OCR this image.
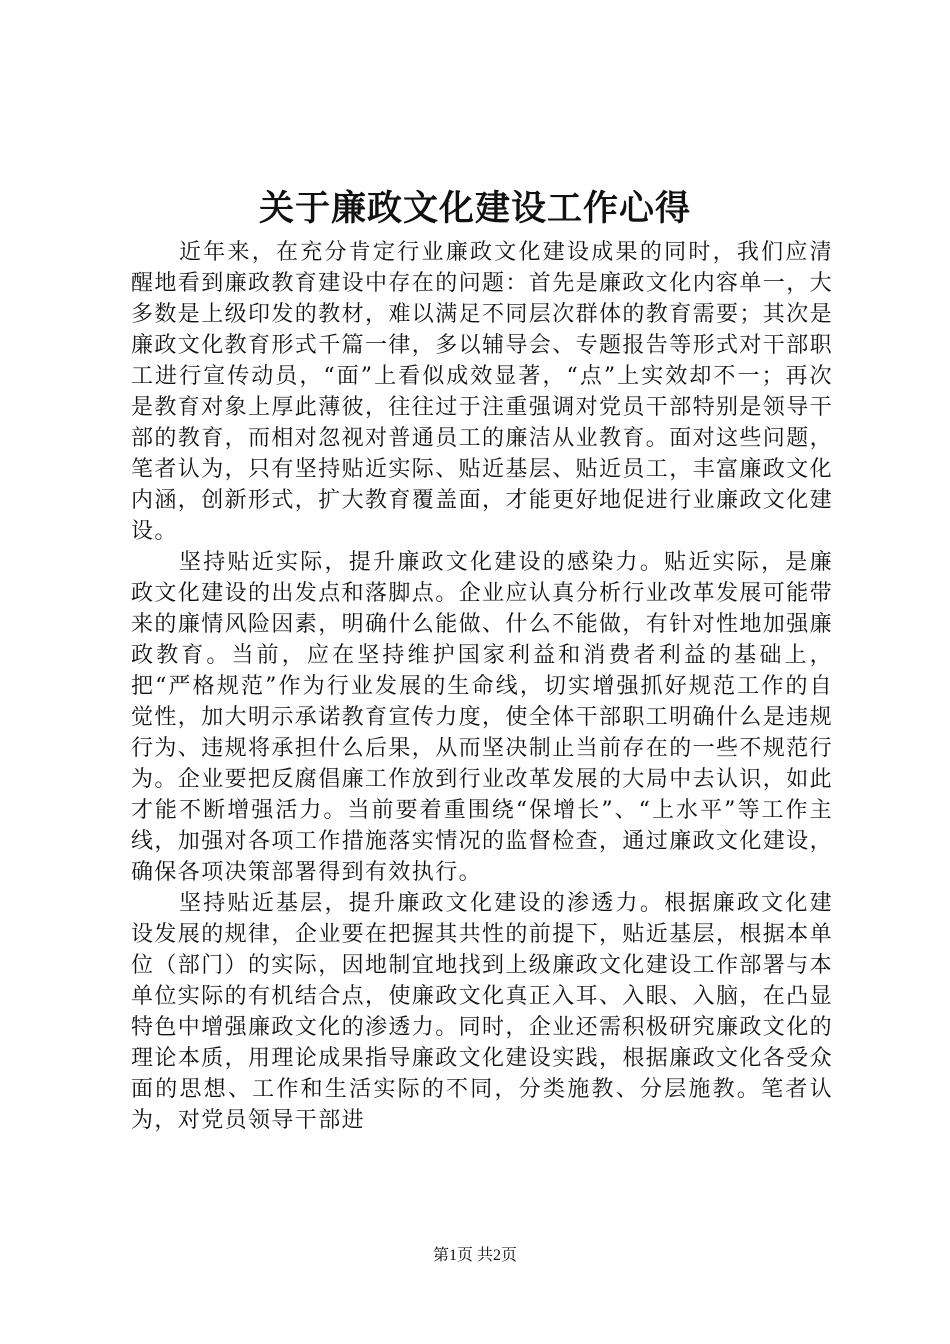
关于廉政文化建设工作心得

近年来，在充分肯定行业廉政文化建设成果的同时，我们应清醒地看到廉政教育建设中存在的问题：首先是廉政文化内容单一，大多数是上级印发的教材，难以满足不同层次群体的教育需要；其次是廉政文化教育形式千篇一律，多以辅导会、专题报告等形式对干部职工进行宣传动员，“面”上看似成效显著，“点”上实效却不一；再次是教育对象上厚此薄彼，往往过于注重强调对党员干部特别是领导干部的教育，而相对忽视对普通员工的廉洁从业教育。面对这些问题，笔者认为，只有坚持贴近实际、贴近基层、贴近员工，丰富廉政文化内涵，创新形式，扩大教育覆盖面，才能更好地促进行业廉政文化建设。

坚持贴近实际，提升廉政文化建设的感染力。贴近实际，是廉政文化建设的出发点和落脚点。企业应认真分析行业改革发展可能带来的廉情风险因素，明确什么能做、什么不能做，有针对性地加强廉政教育。当前，应在坚持维护国家利益和消费者利益的基础上，把“严格规范”作为行业发展的生命线，切实增强抓好规范工作的自觉性，加大明示承诺教育宣传力度，使全体干部职工明确什么是违规行为、违规将承担什么后果，从而坚决制止当前存在的一些不规范行为。企业要把反腐倡廉工作放到行业改革发展的大局中去认识，如此才能不断增强活力。当前要着重围绕“保增长”、“上水平”等工作主线，加强对各项工作措施落实情况的监督检查，通过廉政文化建设，确保各项决策部署得到有效执行。

坚持贴近基层，提升廉政文化建设的渗透力。根据廉政文化建设发展的规律，企业要在把握其共性的前提下，贴近基层，根据本单位（部门）的实际，因地制宜地找到上级廉政文化建设工作部署与本单位实际的有机结合点，使廉政文化真正入耳、入眼、入脑，在凸显特色中增强廉政文化的渗透力。同时，企业还需积极研究廉政文化的理论本质，用理论成果指导廉政文化建设实践，根据廉政文化各受众面的思想、工作和生活实际的不同，分类施教、分层施教。笔者认为，对党员领导干部进

第1页 共2页
